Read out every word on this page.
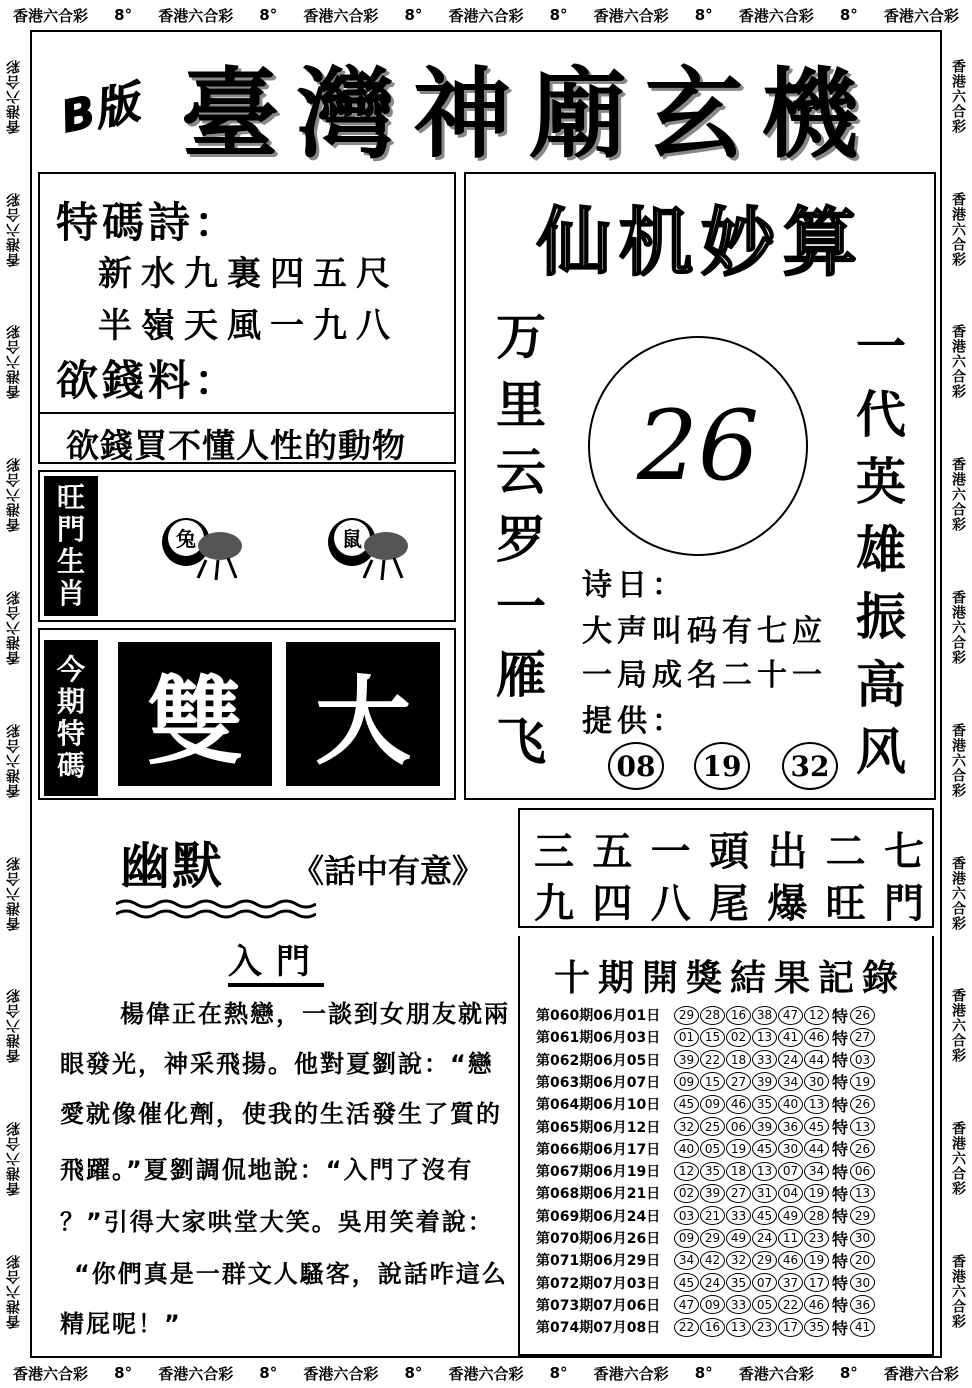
香港六合彩 8° 香港六合彩 8° 香港六合彩 8° 香港六合彩 8° 香港六合彩 8° 香港六合彩 8° 香港六合彩
香港六合彩 8° 香港六合彩 8° 香港六合彩 8° 香港六合彩 8° 香港六合彩 8° 香港六合彩 8° 香港六合彩
香港六合彩
香港六合彩
香港六合彩
香港六合彩
香港六合彩
香港六合彩
香港六合彩
香港六合彩
香港六合彩
香港六合彩
香港六合彩
香港六合彩
香港六合彩
香港六合彩
香港六合彩
香港六合彩
香港六合彩
香港六合彩
香港六合彩
香港六合彩
B版 臺灣神廟玄機
特碼詩：
新水九裏四五尺
半嶺天風一九八
欲錢料：
欲錢買不懂人性的動物
旺
門
生
肖
兔	鼠
今
期
特
碼 雙 大
仙机妙算
万
里
云
罗
一
雁
飞
一
代
英
雄
振
高
风
26
诗日：
大声叫码有七应
一局成名二十一
提供：
08	19	32
幽默 《話中有意》
入門
楊偉正在熱戀，一談到女朋友就兩
眼發光，神采飛揚。他對夏劉說：“戀
愛就像催化劑，使我的生活發生了質的
飛躍。”夏劉調侃地說：“入門了沒有
？”引得大家哄堂大笑。吳用笑着說：
“你們真是一群文人騷客，說話咋這么
精屁呢！”
三 五 一 頭 出 二 七
九 四 八 尾 爆 旺 門
十期開獎結果記錄
第060期06月01日	29 28 16 38 47 12 特 26
第061期06月03日	01 15 02 13 41 46 特 27
第062期06月05日	39 22 18 33 24 44 特 03
第063期06月07日	09 15 27 39 34 30 特 19
第064期06月10日	45 09 46 35 40 13 特 26
第065期06月12日	32 25 06 39 36 45 特 13
第066期06月17日	40 05 19 45 30 44 特 26
第067期06月19日	12 35 18 13 07 34 特 06
第068期06月21日	02 39 27 31 04 19 特 13
第069期06月24日	03 21 33 45 49 28 特 29
第070期06月26日	09 29 49 24 11 23 特 30
第071期06月29日	34 42 32 29 46 19 特 20
第072期07月03日	45 24 35 07 37 17 特 30
第073期07月06日	47 09 33 05 22 46 特 36
第074期07月08日	22 16 13 23 17 35 特 41
